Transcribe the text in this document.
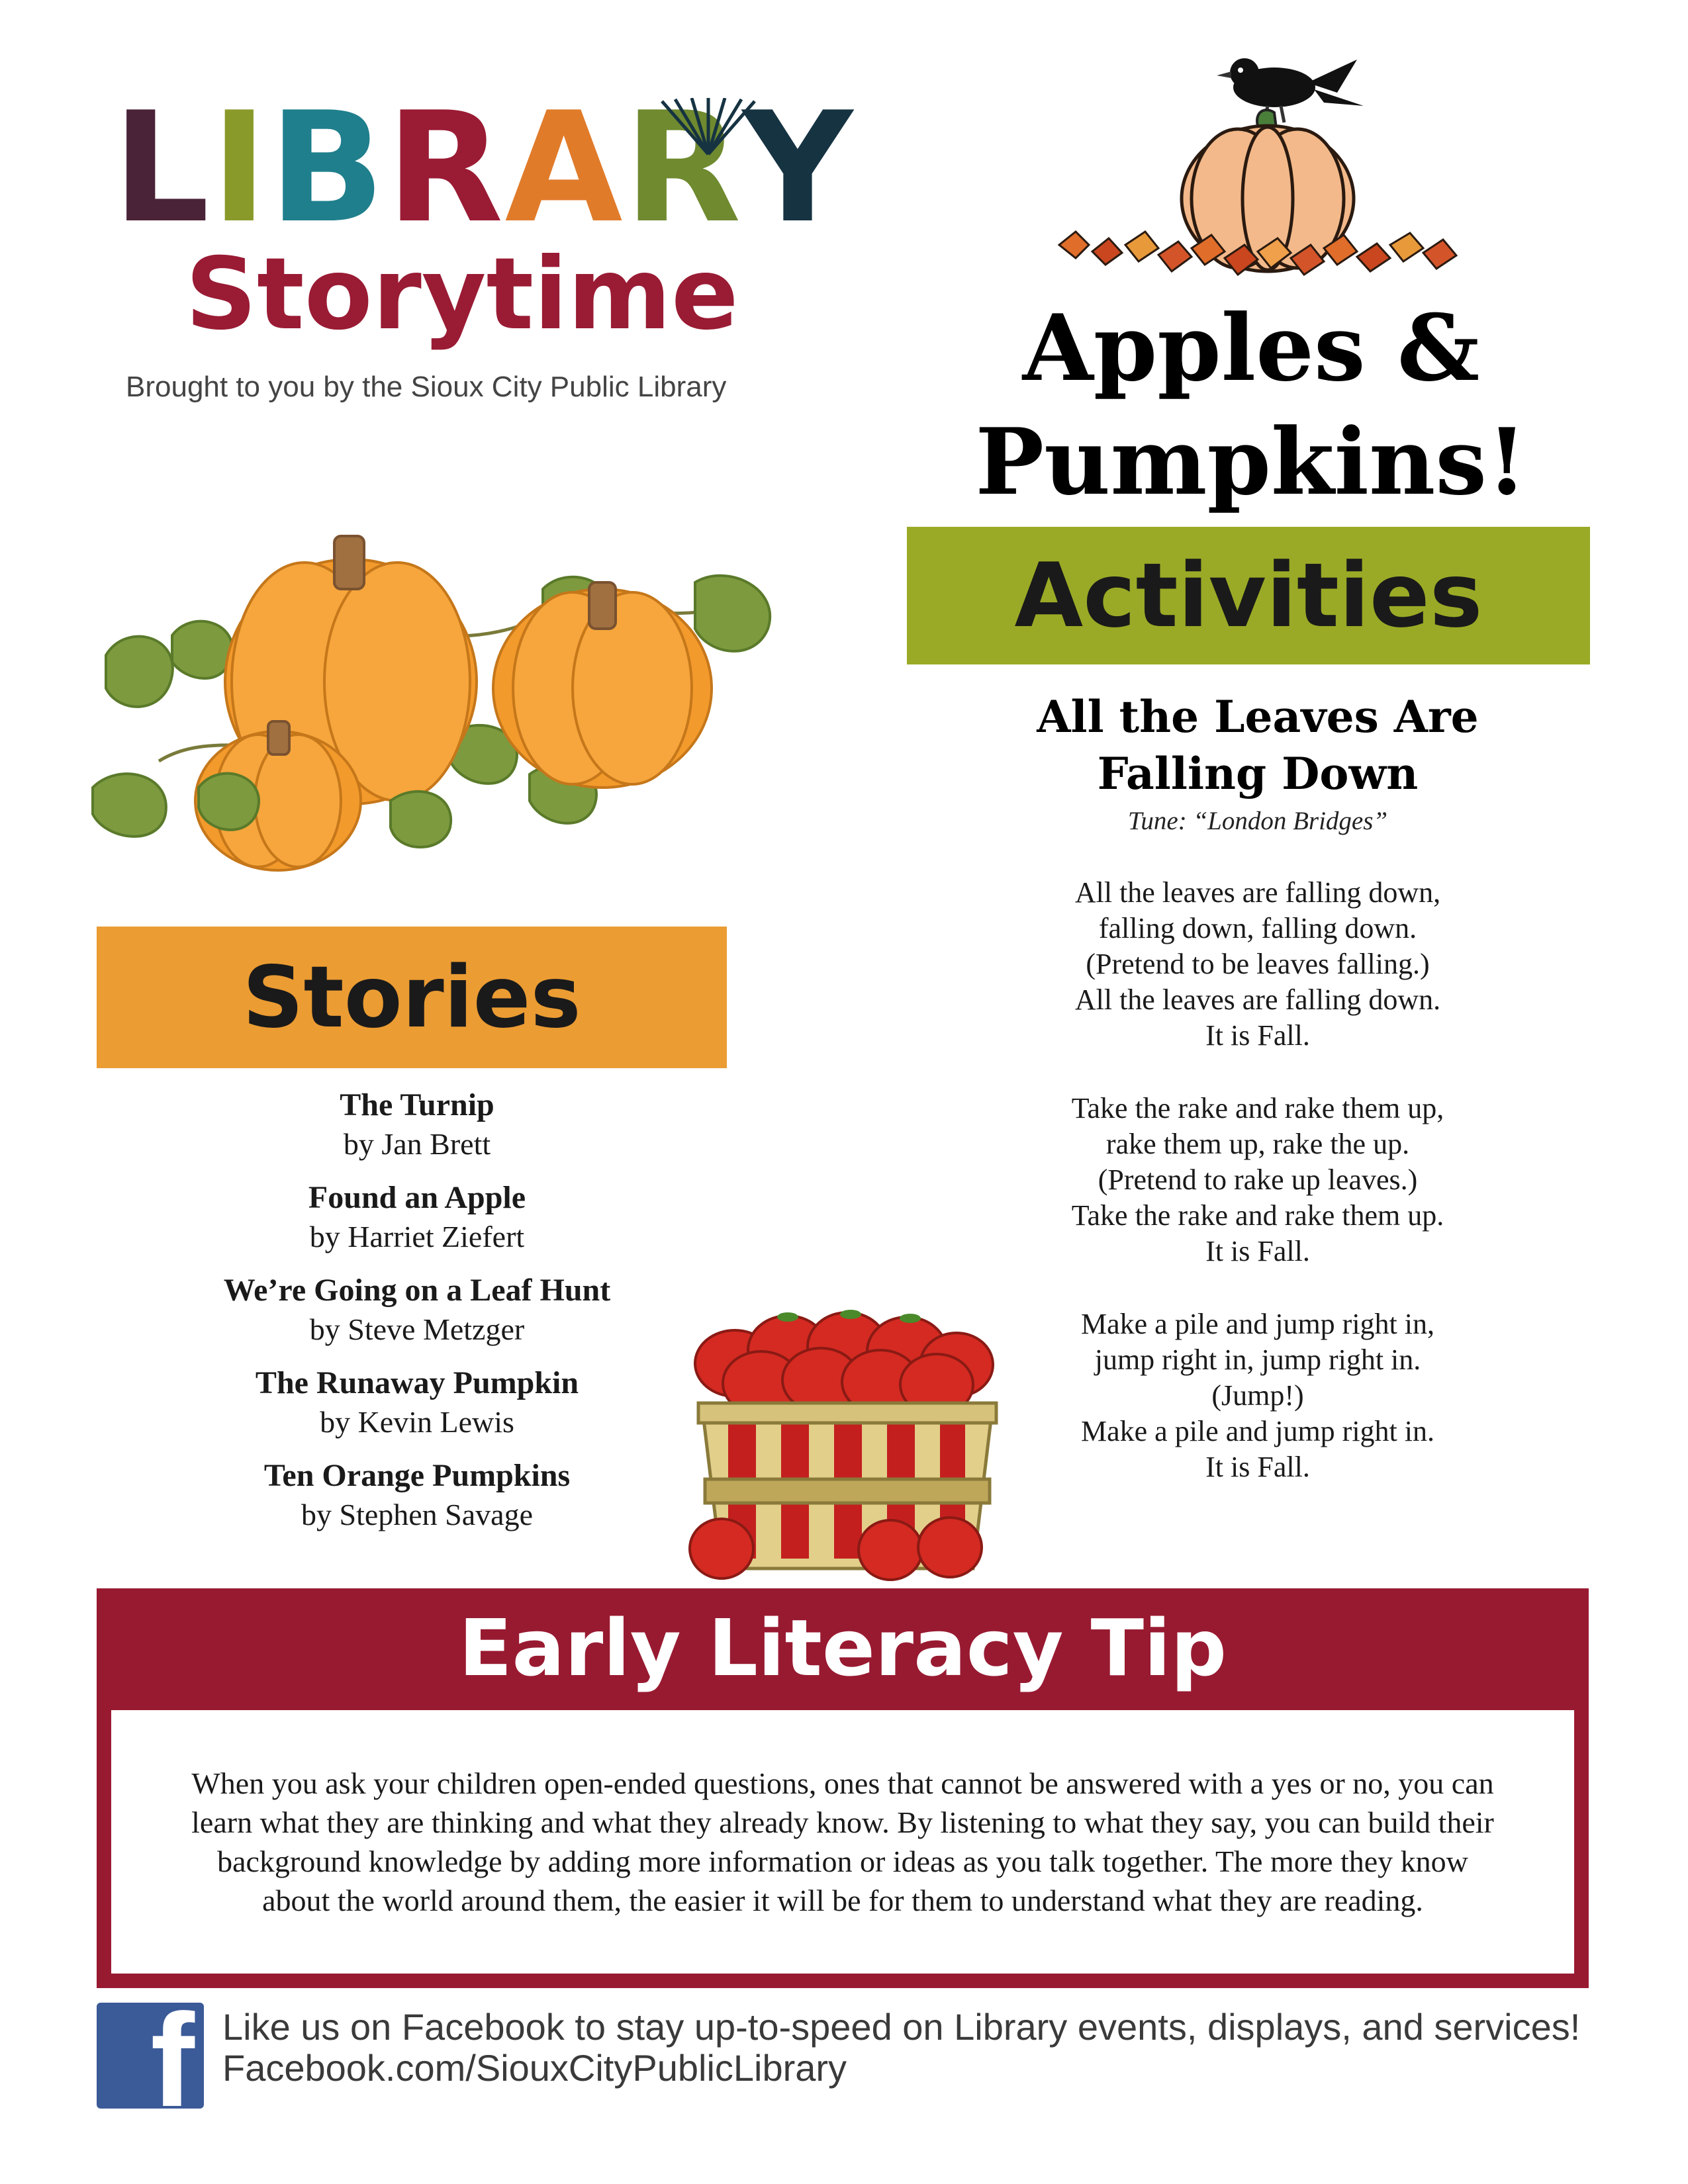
L I B R A R Y
Storytime
Brought to you by the Sioux City Public Library	Apples &
Pumpkins!
Activities
All the Leaves Are
Falling Down
Tune: “London Bridges”
All the leaves are falling down,
falling down, falling down.
(Pretend to be leaves falling.)
All the leaves are falling down.
It is Fall.
Take the rake and rake them up,
rake them up, rake the up.
(Pretend to rake up leaves.)
Take the rake and rake them up.
It is Fall.
Make a pile and jump right in,
jump right in, jump right in.
(Jump!)
Make a pile and jump right in.
It is Fall.
Stories
The Turnip
by Jan Brett
Found an Apple
by Harriet Ziefert
We’re Going on a Leaf Hunt
by Steve Metzger
The Runaway Pumpkin
by Kevin Lewis
Ten Orange Pumpkins
by Stephen Savage
Early Literacy Tip
When you ask your children open-ended questions, ones that cannot be answered with a yes or no, you can learn what they are thinking and what they already know. By listening to what they say, you can build their background knowledge by adding more information or ideas as you talk together. The more they know about the world around them, the easier it will be for them to understand what they are reading.
f Like us on Facebook to stay up-to-speed on Library events, displays, and services!
Facebook.com/SiouxCityPublicLibrary
